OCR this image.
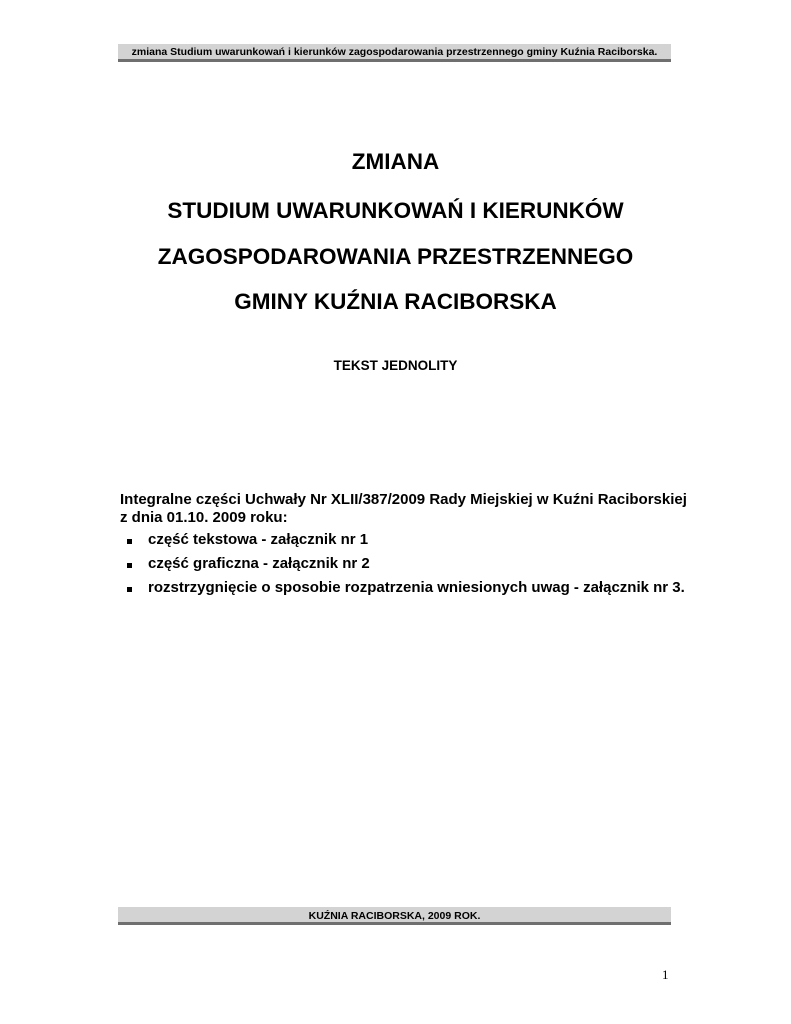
zmiana Studium uwarunkowań i kierunków zagospodarowania przestrzennego gminy Kuźnia Raciborska.
ZMIANA
STUDIUM UWARUNKOWAŃ I KIERUNKÓW
ZAGOSPODAROWANIA PRZESTRZENNEGO
GMINY KUŹNIA RACIBORSKA
TEKST JEDNOLITY
Integralne części Uchwały Nr XLII/387/2009 Rady Miejskiej w Kuźni Raciborskiej
z dnia 01.10. 2009 roku:
część tekstowa - załącznik nr 1
część graficzna - załącznik nr 2
rozstrzygnięcie o sposobie rozpatrzenia wniesionych uwag - załącznik nr 3.
KUŹNIA RACIBORSKA, 2009 ROK.
1
